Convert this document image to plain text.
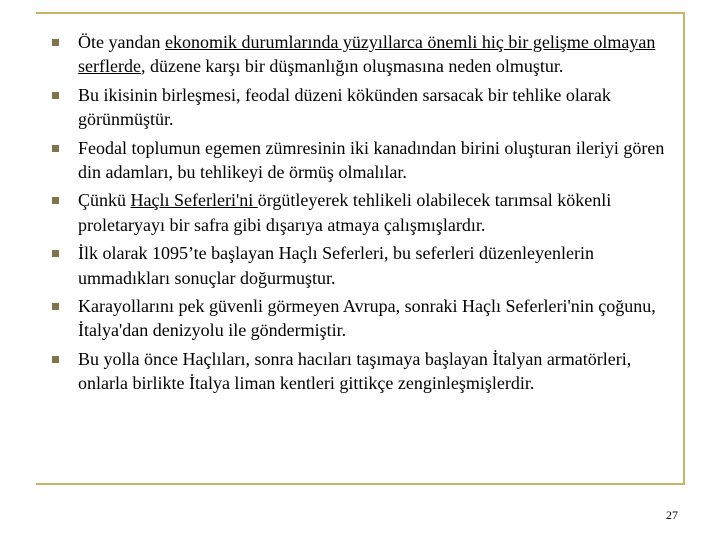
Öte yandan ekonomik durumlarında yüzyıllarca önemli hiç bir gelişme olmayan serflerde, düzene karşı bir düşmanlığın oluşmasına neden olmuştur.
Bu ikisinin birleşmesi, feodal düzeni kökünden sarsacak bir tehlike olarak görünmüştür.
Feodal toplumun egemen zümresinin iki kanadından birini oluşturan ileriyi gören din adamları, bu tehlikeyi de örmüş olmalılar.
Çünkü Haçlı Seferleri'ni örgütleyerek tehlikeli olabilecek tarımsal kökenli proletaryayı bir safra gibi dışarıya atmaya çalışmışlardır.
İlk olarak 1095’te başlayan Haçlı Seferleri, bu seferleri düzenleyenlerin ummadıkları sonuçlar doğurmuştur.
Karayollarını pek güvenli görmeyen Avrupa, sonraki Haçlı Seferleri'nin çoğunu, İtalya'dan denizyolu ile göndermiştir.
Bu yolla önce Haçlıları, sonra hacıları taşımaya başlayan İtalyan armatörleri, onlarla birlikte İtalya liman kentleri gittikçe zenginleşmişlerdir.
27
